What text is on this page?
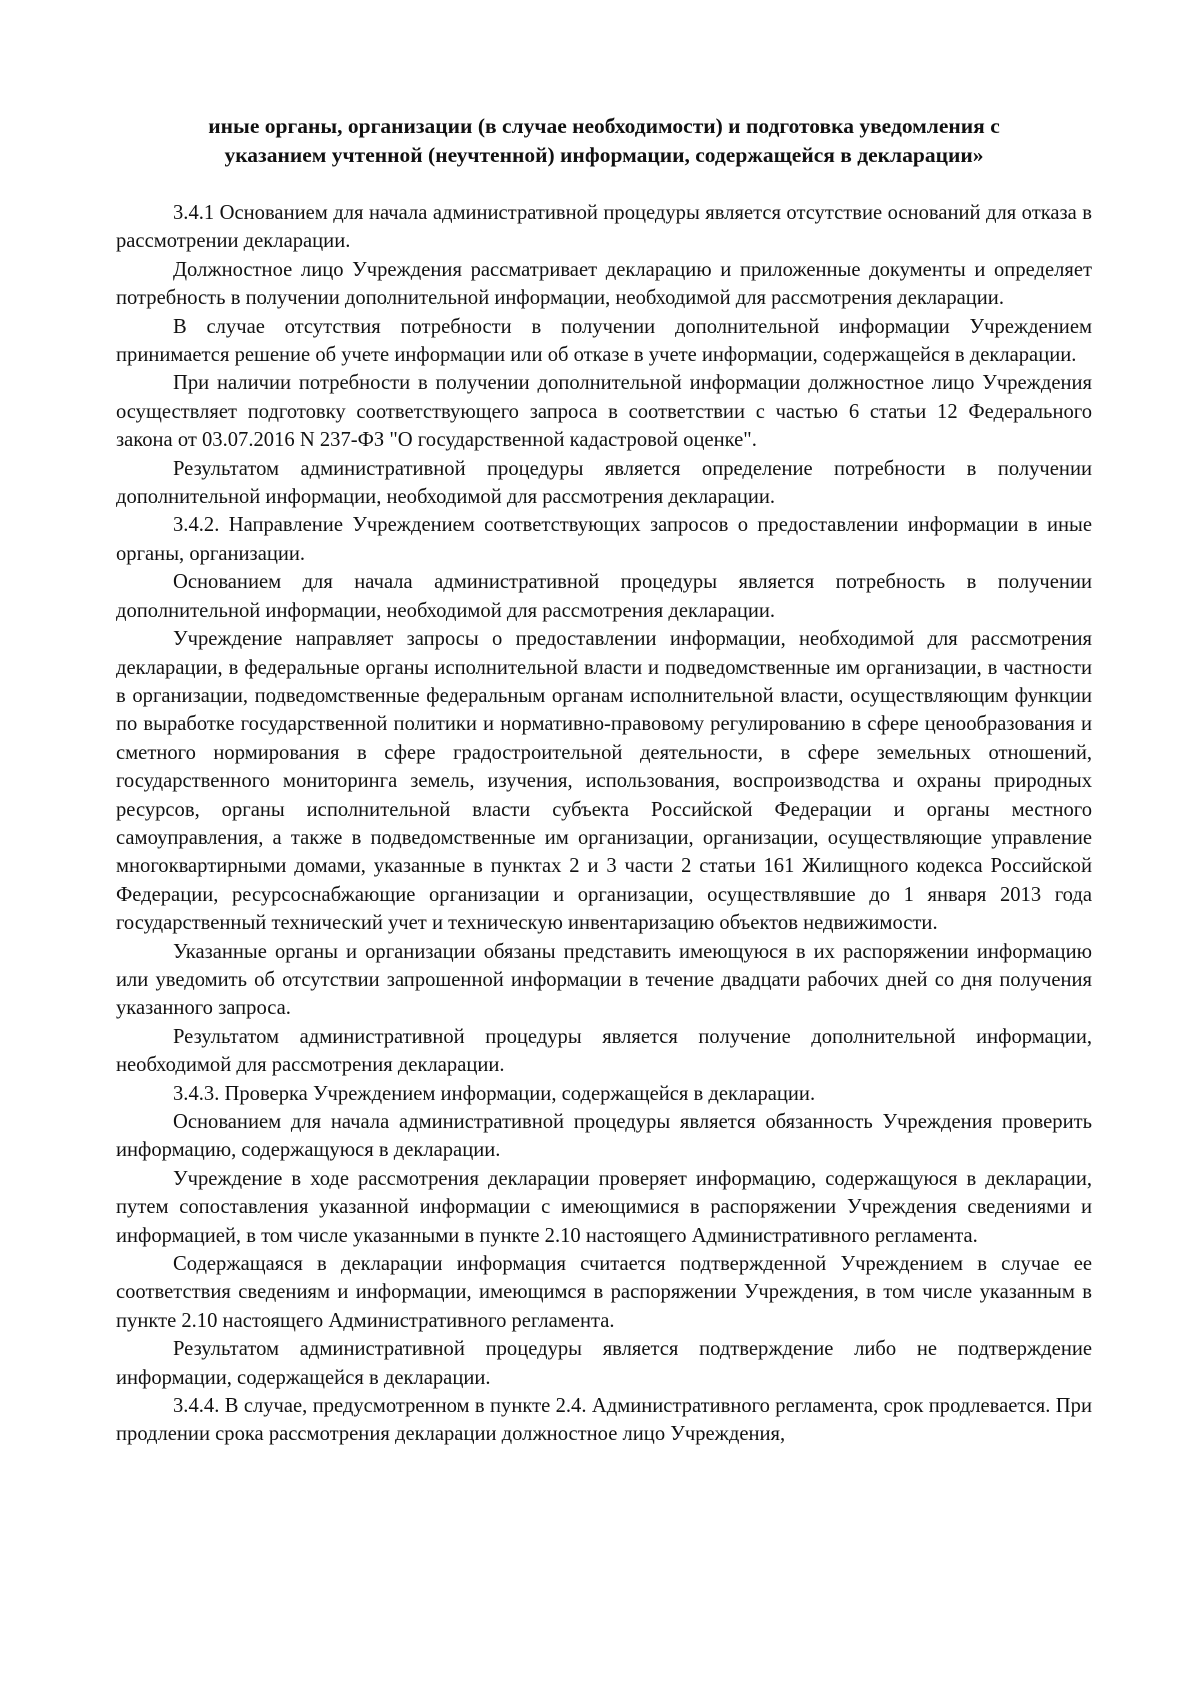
иные органы, организации (в случае необходимости) и подготовка уведомления с
указанием учтенной (неучтенной) информации, содержащейся в декларации»

3.4.1 Основанием для начала административной процедуры является отсутствие оснований для отказа в рассмотрении декларации.

Должностное лицо Учреждения рассматривает декларацию и приложенные документы и определяет потребность в получении дополнительной информации, необходимой для рассмотрения декларации.

В случае отсутствия потребности в получении дополнительной информации Учреждением принимается решение об учете информации или об отказе в учете информации, содержащейся в декларации.

При наличии потребности в получении дополнительной информации должностное лицо Учреждения осуществляет подготовку соответствующего запроса в соответствии с частью 6 статьи 12 Федерального закона от 03.07.2016 N 237-ФЗ "О государственной кадастровой оценке".

Результатом административной процедуры является определение потребности в получении дополнительной информации, необходимой для рассмотрения декларации.

3.4.2. Направление Учреждением соответствующих запросов о предоставлении информации в иные органы, организации.

Основанием для начала административной процедуры является потребность в получении дополнительной информации, необходимой для рассмотрения декларации.

Учреждение направляет запросы о предоставлении информации, необходимой для рассмотрения декларации, в федеральные органы исполнительной власти и подведомственные им организации, в частности в организации, подведомственные федеральным органам исполнительной власти, осуществляющим функции по выработке государственной политики и нормативно-правовому регулированию в сфере ценообразования и сметного нормирования в сфере градостроительной деятельности, в сфере земельных отношений, государственного мониторинга земель, изучения, использования, воспроизводства и охраны природных ресурсов, органы исполнительной власти субъекта Российской Федерации и органы местного самоуправления, а также в подведомственные им организации, организации, осуществляющие управление многоквартирными домами, указанные в пунктах 2 и 3 части 2 статьи 161 Жилищного кодекса Российской Федерации, ресурсоснабжающие организации и организации, осуществлявшие до 1 января 2013 года государственный технический учет и техническую инвентаризацию объектов недвижимости.

Указанные органы и организации обязаны представить имеющуюся в их распоряжении информацию или уведомить об отсутствии запрошенной информации в течение двадцати рабочих дней со дня получения указанного запроса.

Результатом административной процедуры является получение дополнительной информации, необходимой для рассмотрения декларации.

3.4.3. Проверка Учреждением информации, содержащейся в декларации.

Основанием для начала административной процедуры является обязанность Учреждения проверить информацию, содержащуюся в декларации.

Учреждение в ходе рассмотрения декларации проверяет информацию, содержащуюся в декларации, путем сопоставления указанной информации с имеющимися в распоряжении Учреждения сведениями и информацией, в том числе указанными в пункте 2.10 настоящего Административного регламента.

Содержащаяся в декларации информация считается подтвержденной Учреждением в случае ее соответствия сведениям и информации, имеющимся в распоряжении Учреждения, в том числе указанным в пункте 2.10 настоящего Административного регламента.

Результатом административной процедуры является подтверждение либо не подтверждение информации, содержащейся в декларации.

3.4.4. В случае, предусмотренном в пункте 2.4. Административного регламента, срок продлевается. При продлении срока рассмотрения декларации должностное лицо Учреждения,
